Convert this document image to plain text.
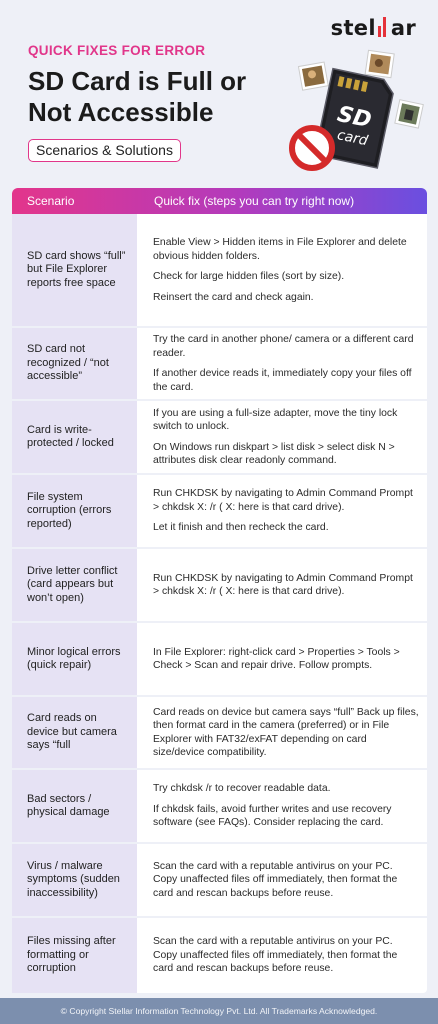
stel ar
QUICK FIXES FOR ERROR
SD Card is Full or Not Accessible
Scenarios & Solutions
SD
card
Scenario	Quick fix (steps you can try right now)
SD card shows “full” but File Explorer reports free space

Enable View > Hidden items in File Explorer and delete obvious hidden folders.

Check for large hidden files (sort by size).

Reinsert the card and check again.

SD card not recognized / “not accessible”

Try the card in another phone/ camera or a different card reader.

If another device reads it, immediately copy your files off the card.

Card is write-protected / locked

If you are using a full-size adapter, move the tiny lock switch to unlock.

On Windows run diskpart > list disk > select disk N > attributes disk clear readonly command.

File system corruption (errors reported)

Run CHKDSK by navigating to Admin Command Prompt > chkdsk X: /r ( X: here is that card drive).

Let it finish and then recheck the card.

Drive letter conflict (card appears but won’t open)

Run CHKDSK by navigating to Admin Command Prompt > chkdsk X: /r ( X: here is that card drive).

Minor logical errors (quick repair)

In File Explorer: right-click card > Properties > Tools > Check > Scan and repair drive. Follow prompts.

Card reads on device but camera says “full

Card reads on device but camera says “full” Back up files, then format card in the camera (preferred) or in File Explorer with FAT32/exFAT depending on card size/device compatibility.

Bad sectors / physical damage

Try chkdsk /r to recover readable data.

If chkdsk fails, avoid further writes and use recovery software (see FAQs). Consider replacing the card.

Virus / malware symptoms (sudden inaccessibility)

Scan the card with a reputable antivirus on your PC. Copy unaffected files off immediately, then format the card and rescan backups before reuse.

Files missing after formatting or corruption

Scan the card with a reputable antivirus on your PC. Copy unaffected files off immediately, then format the card and rescan backups before reuse.

© Copyright Stellar Information Technology Pvt. Ltd. All Trademarks Acknowledged.
